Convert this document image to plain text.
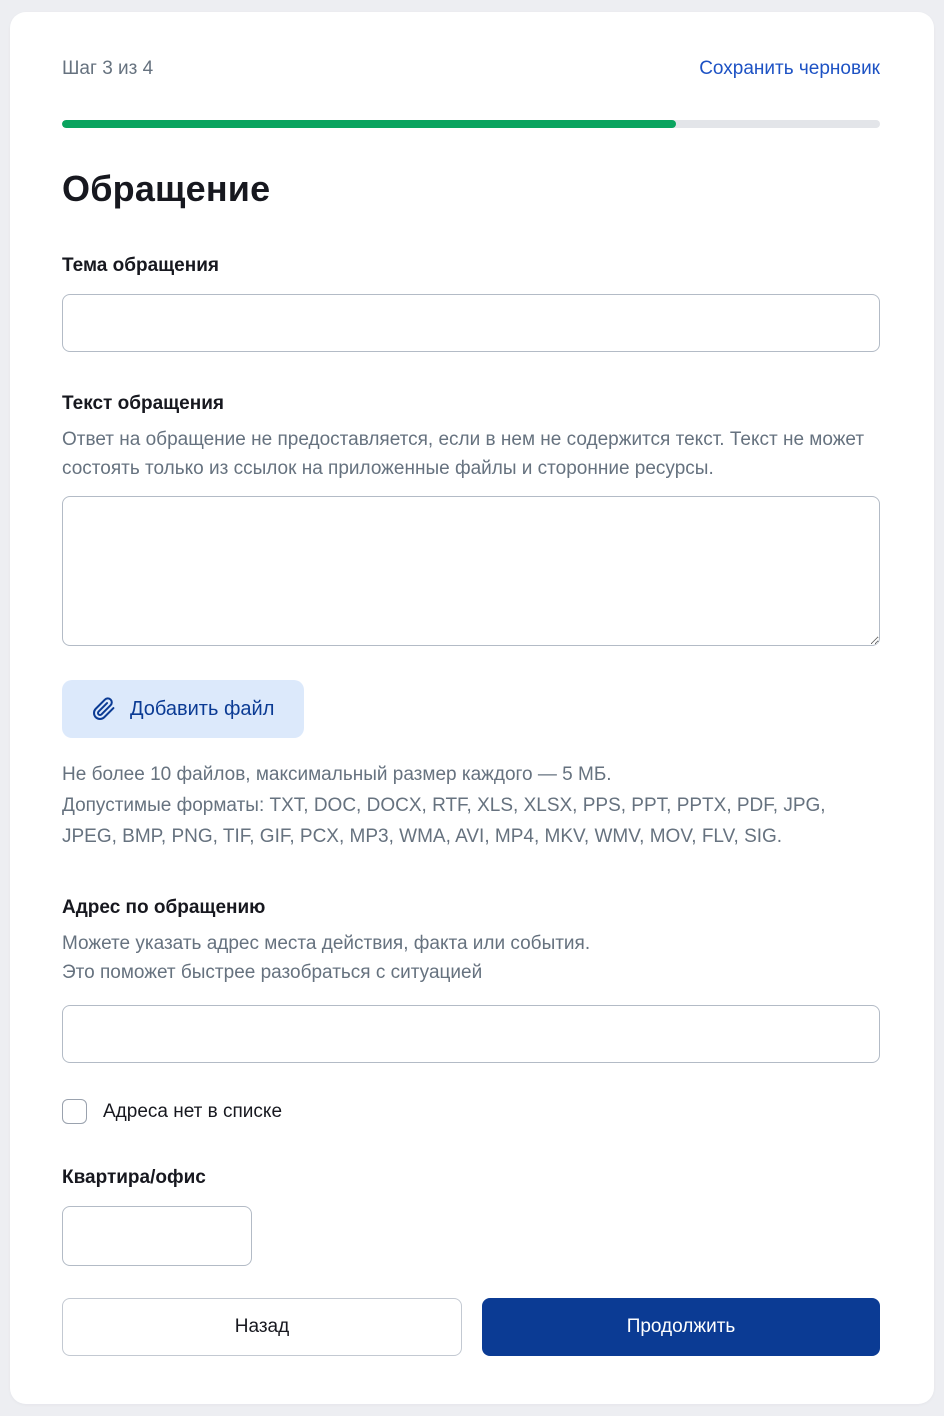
Шаг 3 из 4	Сохранить черновик
Обращение
Тема обращения
Текст обращения
Ответ на обращение не предоставляется, если в нем не содержится текст. Текст не может состоять только из ссылок на приложенные файлы и сторонние ресурсы.
Добавить файл
Не более 10 файлов, максимальный размер каждого — 5 МБ.
Допустимые форматы: TXT, DOC, DOCX, RTF, XLS, XLSX, PPS, PPT, PPTX, PDF, JPG, JPEG, BMP, PNG, TIF, GIF, PCX, MP3, WMA, AVI, MP4, MKV, WMV, MOV, FLV, SIG.
Адрес по обращению
Можете указать адрес места действия, факта или события.
Это поможет быстрее разобраться с ситуацией
Адреса нет в списке
Квартира/офис
Назад	Продолжить
